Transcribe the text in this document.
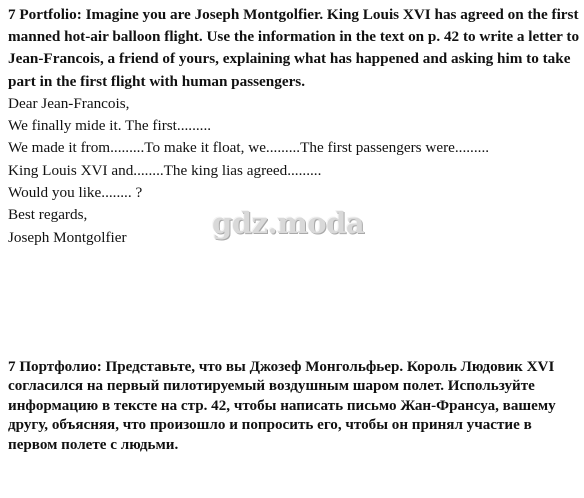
7 Portfolio: Imagine you are Joseph Montgolfier. King Louis XVI has agreed on the first manned hot-air balloon flight. Use the information in the text on p. 42 to write a letter to Jean-Francois, a friend of yours, explaining what has happened and asking him to take part in the first flight with human passengers.

Dear Jean-Francois,
We finally mide it. The first.........
We made it from.........To make it float, we.........The first passengers were.........
King Louis XVI and........The king lias agreed.........
Would you like........ ?
Best regards,
Joseph Montgolfier	gdz.moda

7 Портфолио: Представьте, что вы Джозеф Монгольфьер. Король Людовик XVI согласился на первый пилотируемый воздушным шаром полет. Используйте информацию в тексте на стр. 42, чтобы написать письмо Жан-Франсуа, вашему другу, объясняя, что произошло и попросить его, чтобы он принял участие в первом полете с людьми.
